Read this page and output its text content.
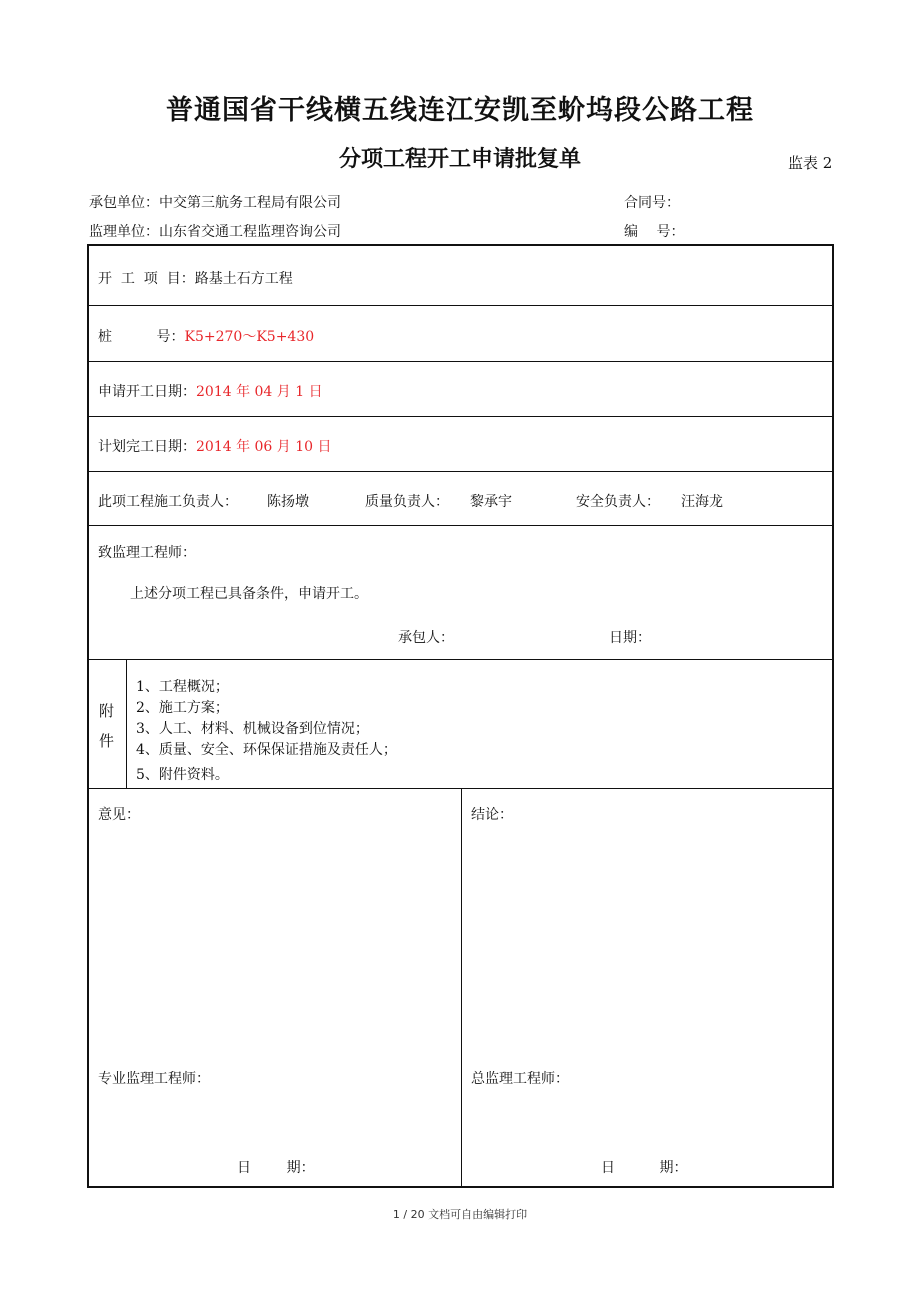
普通国省干线横五线连江安凯至蚧坞段公路工程
分项工程开工申请批复单	监表 2
承包单位：中交第三航务工程局有限公司	合同号：
监理单位：山东省交通工程监理咨询公司	编　 号：
开  工  项  目：路基土石方工程
桩          号：K5+270～K5+430
申请开工日期：2014 年 04 月 1 日
计划完工日期：2014 年 06 月 10 日
此项工程施工负责人： 陈扬墩	质量负责人： 黎承宇	安全负责人： 汪海龙
致监理工程师：
上述分项工程已具备条件，申请开工。
承包人：	日期：
附
件
1、工程概况；
2、施工方案；
3、人工、材料、机械设备到位情况；
4、质量、安全、环保保证措施及责任人；
5、附件资料。
意见：
专业监理工程师：
日        期：
结论：
总监理工程师：
日          期：
1 / 20 文档可自由编辑打印
